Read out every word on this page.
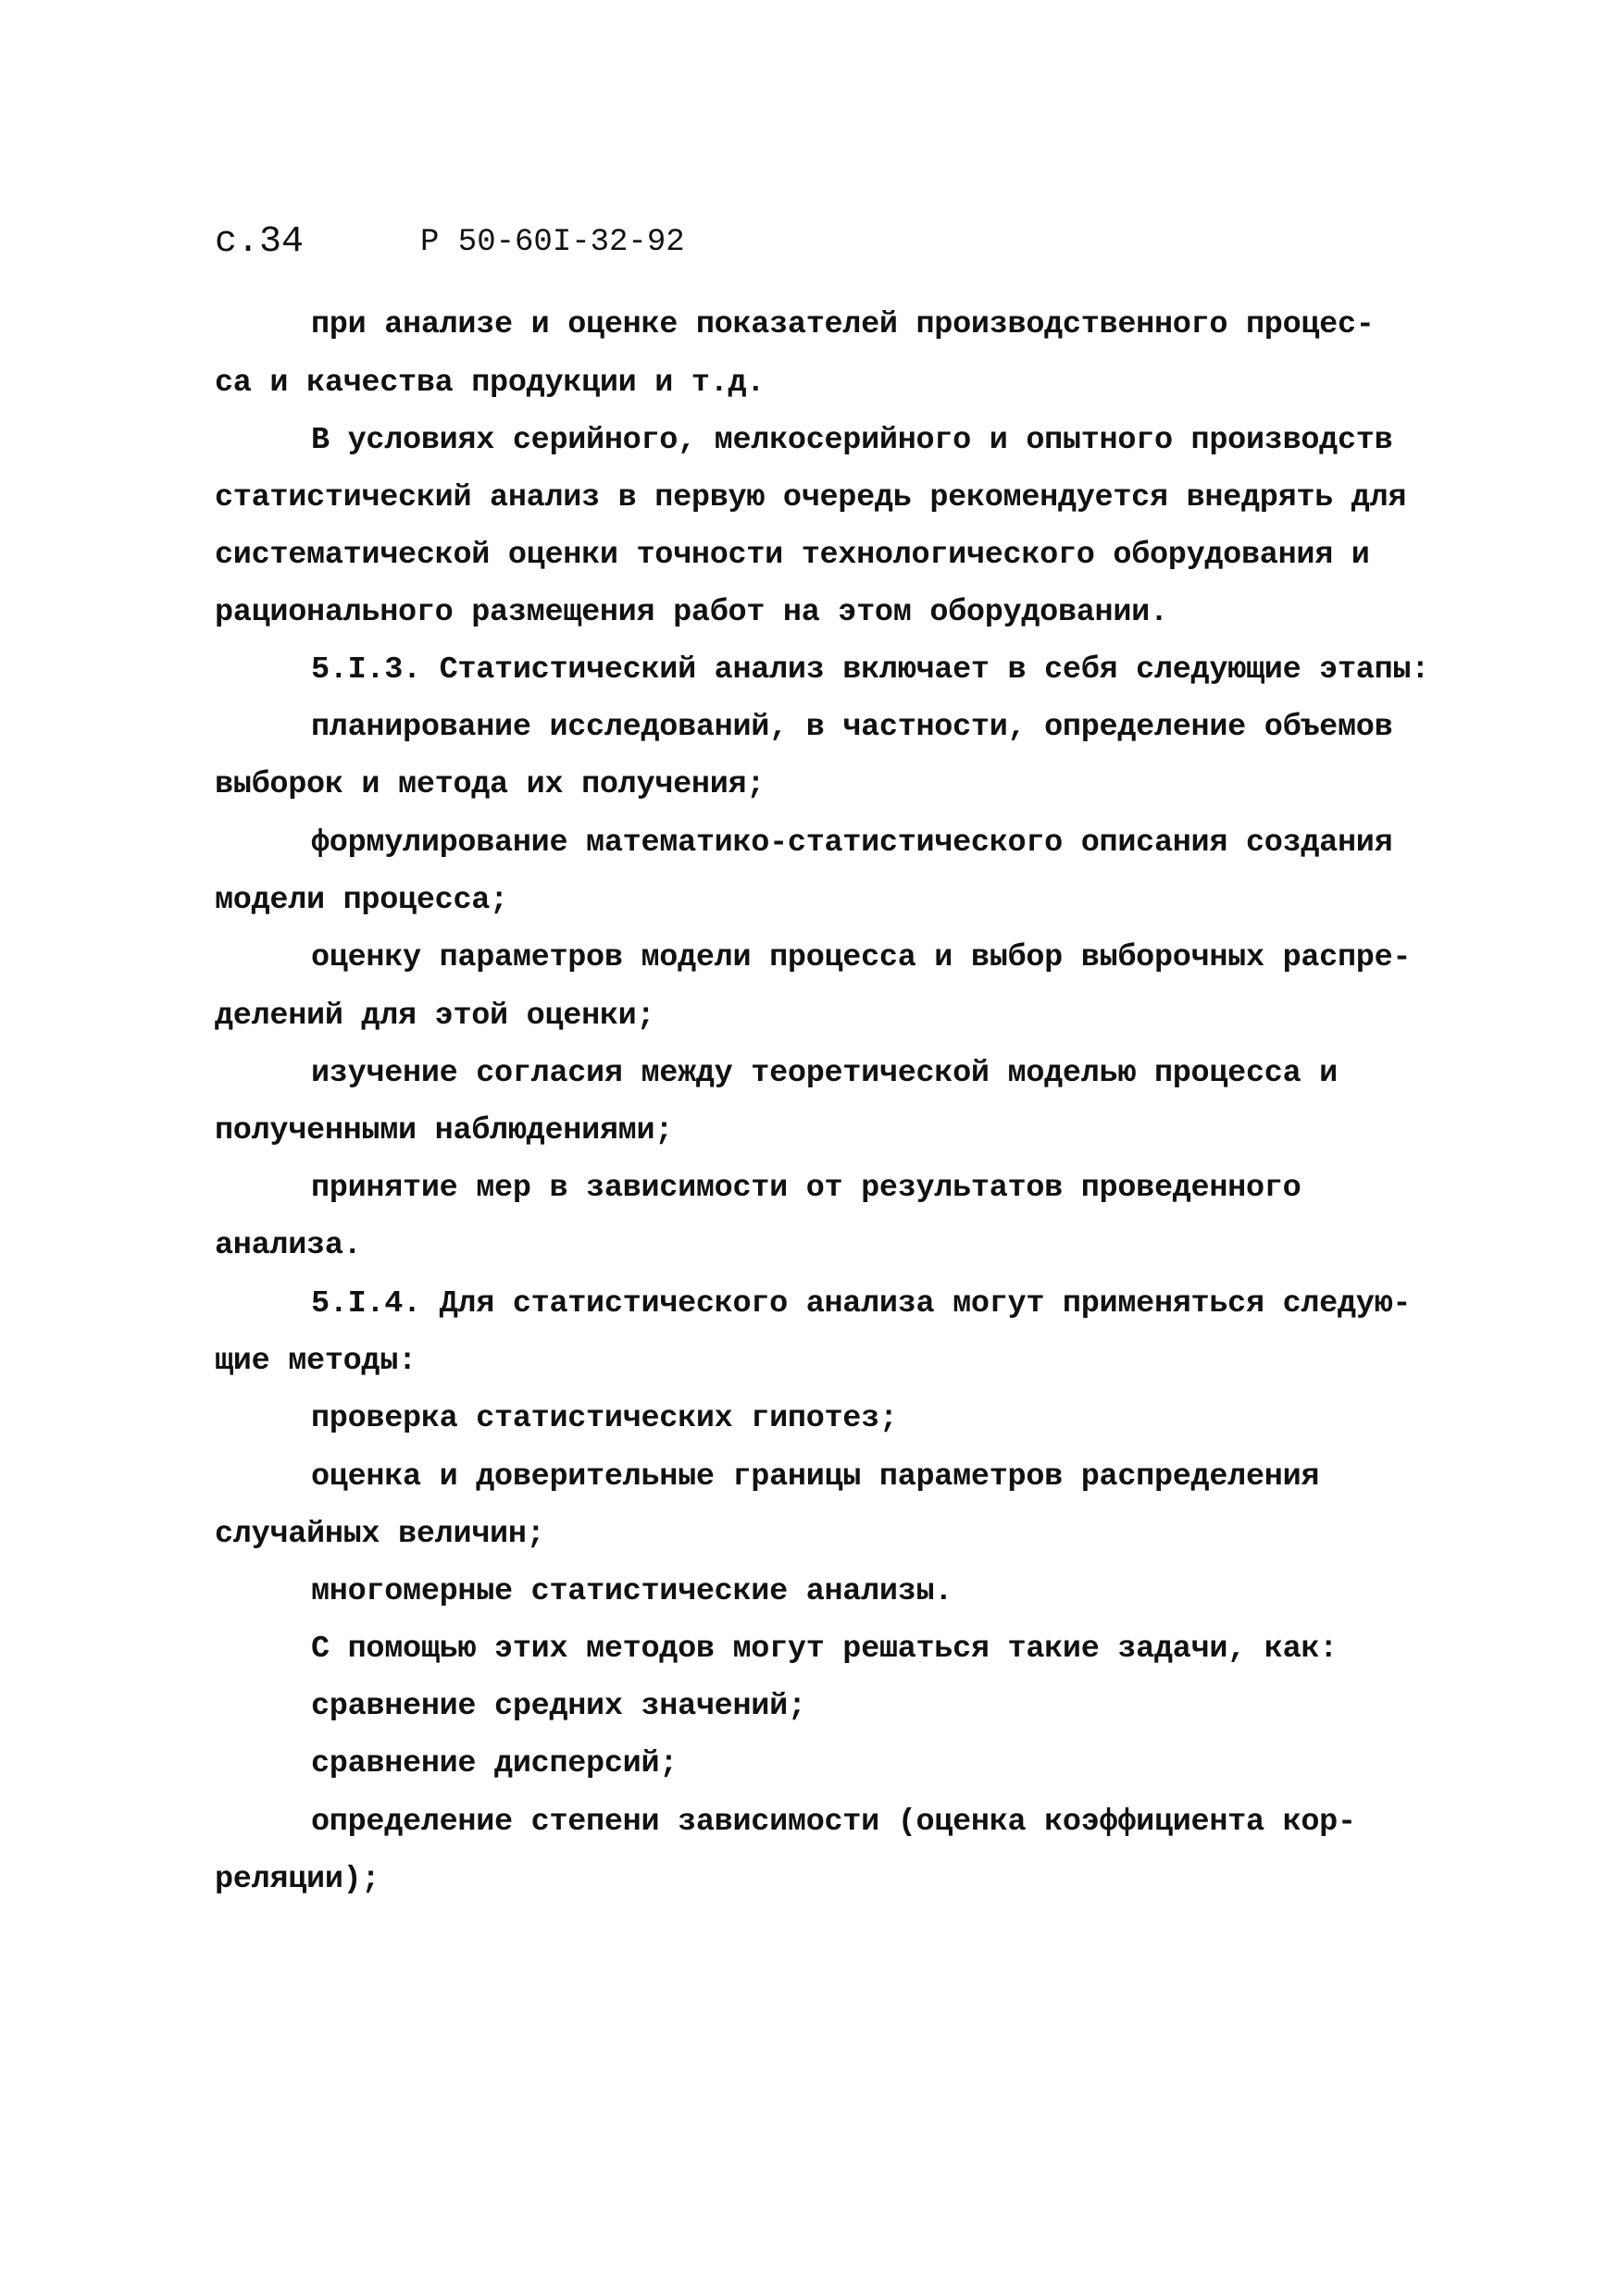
с.34	Р 50-60I-32-92
при анализе и оценке показателей производственного процес-
са и качества продукции и т.д.
В условиях серийного, мелкосерийного и опытного производств
статистический анализ в первую очередь рекомендуется внедрять для
систематической оценки точности технологического оборудования и
рационального размещения работ на этом оборудовании.
5.I.3. Статистический анализ включает в себя следующие этапы:
планирование исследований, в частности, определение объемов
выборок и метода их получения;
формулирование математико-статистического описания создания
модели процесса;
оценку параметров модели процесса и выбор выборочных распре-
делений для этой оценки;
изучение согласия между теоретической моделью процесса и
полученными наблюдениями;
принятие мер в зависимости от результатов проведенного
анализа.
5.I.4. Для статистического анализа могут применяться следую-
щие методы:
проверка статистических гипотез;
оценка и доверительные границы параметров распределения
случайных величин;
многомерные статистические анализы.
С помощью этих методов могут решаться такие задачи, как:
сравнение средних значений;
сравнение дисперсий;
определение степени зависимости (оценка коэффициента кор-
реляции);
